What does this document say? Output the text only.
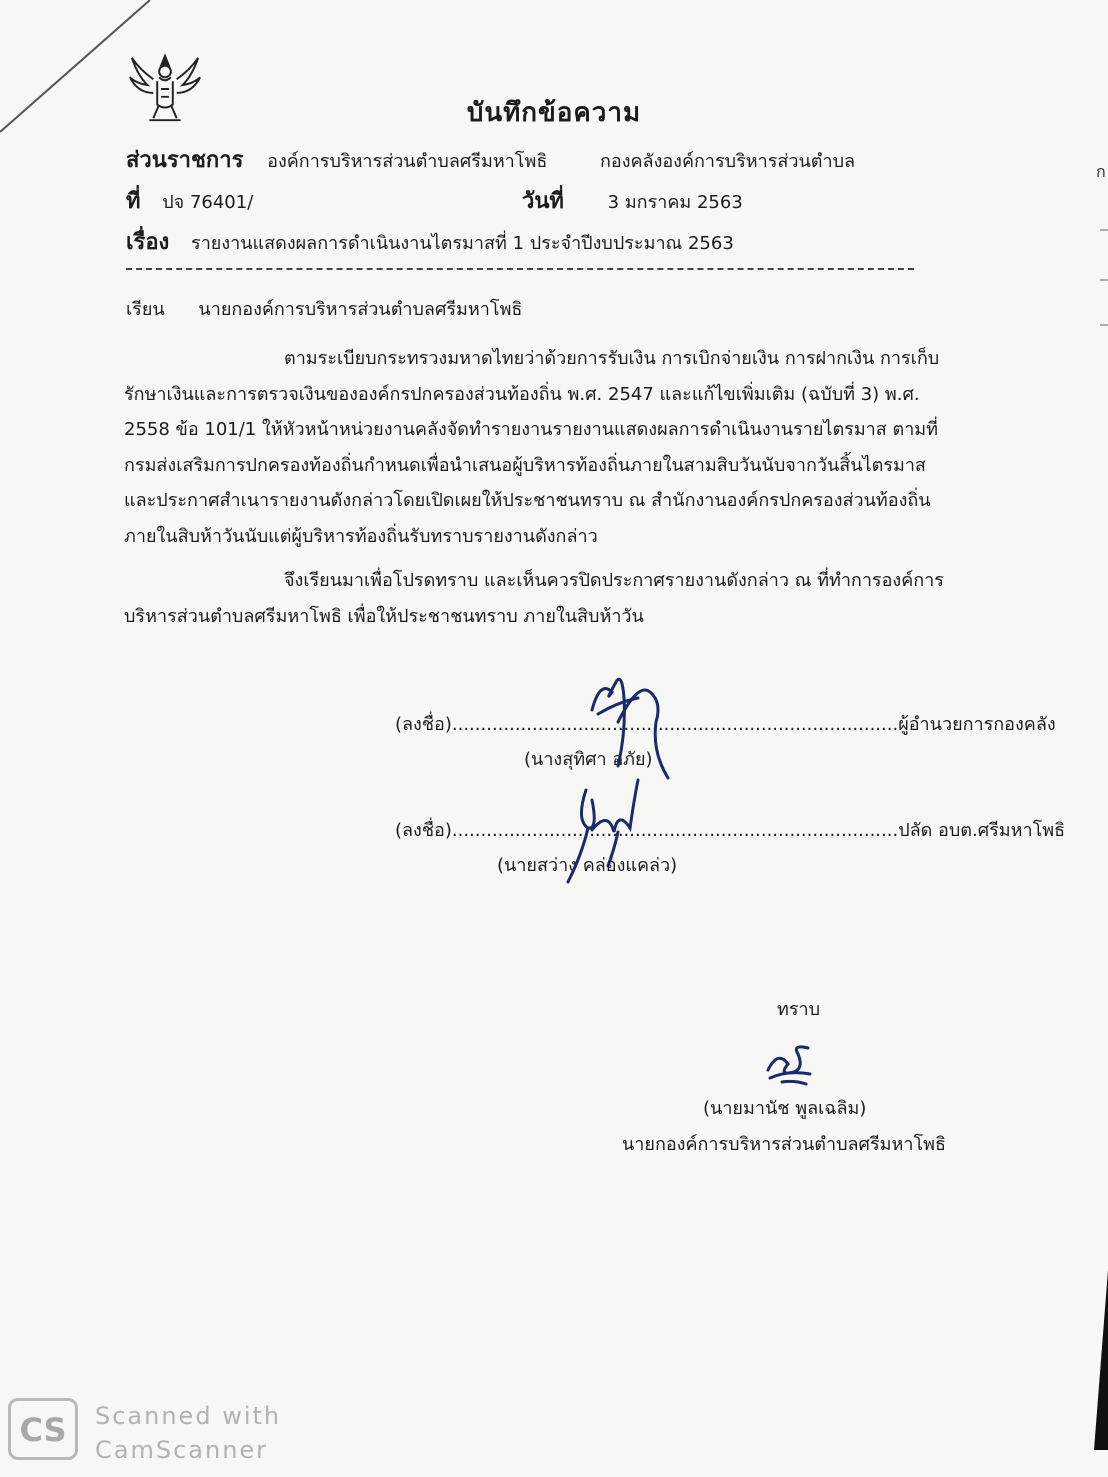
ก
บันทึกข้อความ
ส่วนราชการ องค์การบริหารส่วนตำบลศรีมหาโพธิ	กองคลังองค์การบริหารส่วนตำบล
ที่ ปจ 76401/	วันที่ 3 มกราคม 2563
เรื่อง รายงานแสดงผลการดำเนินงานไตรมาสที่ 1 ประจำปีงบประมาณ 2563
เรียน นายกองค์การบริหารส่วนตำบลศรีมหาโพธิ
ตามระเบียบกระทรวงมหาดไทยว่าด้วยการรับเงิน การเบิกจ่ายเงิน การฝากเงิน การเก็บ
รักษาเงินและการตรวจเงินขององค์กรปกครองส่วนท้องถิ่น พ.ศ. 2547 และแก้ไขเพิ่มเติม (ฉบับที่ 3) พ.ศ.
2558 ข้อ 101/1 ให้หัวหน้าหน่วยงานคลังจัดทำรายงานรายงานแสดงผลการดำเนินงานรายไตรมาส ตามที่
กรมส่งเสริมการปกครองท้องถิ่นกำหนดเพื่อนำเสนอผู้บริหารท้องถิ่นภายในสามสิบวันนับจากวันสิ้นไตรมาส
และประกาศสำเนารายงานดังกล่าวโดยเปิดเผยให้ประชาชนทราบ ณ สำนักงานองค์กรปกครองส่วนท้องถิ่น
ภายในสิบห้าวันนับแต่ผู้บริหารท้องถิ่นรับทราบรายงานดังกล่าว
จึงเรียนมาเพื่อโปรดทราบ และเห็นควรปิดประกาศรายงานดังกล่าว ณ ที่ทำการองค์การ
บริหารส่วนตำบลศรีมหาโพธิ เพื่อให้ประชาชนทราบ ภายในสิบห้าวัน
(ลงชื่อ)..............................................................................ผู้อำนวยการกองคลัง
(นางสุทิศา อภัย)
(ลงชื่อ)..............................................................................ปลัด อบต.ศรีมหาโพธิ
(นายสว่าง คล่องแคล่ว)
ทราบ
(นายมานัช พูลเฉลิม)
นายกองค์การบริหารส่วนตำบลศรีมหาโพธิ
CS	Scanned with
CamScanner
